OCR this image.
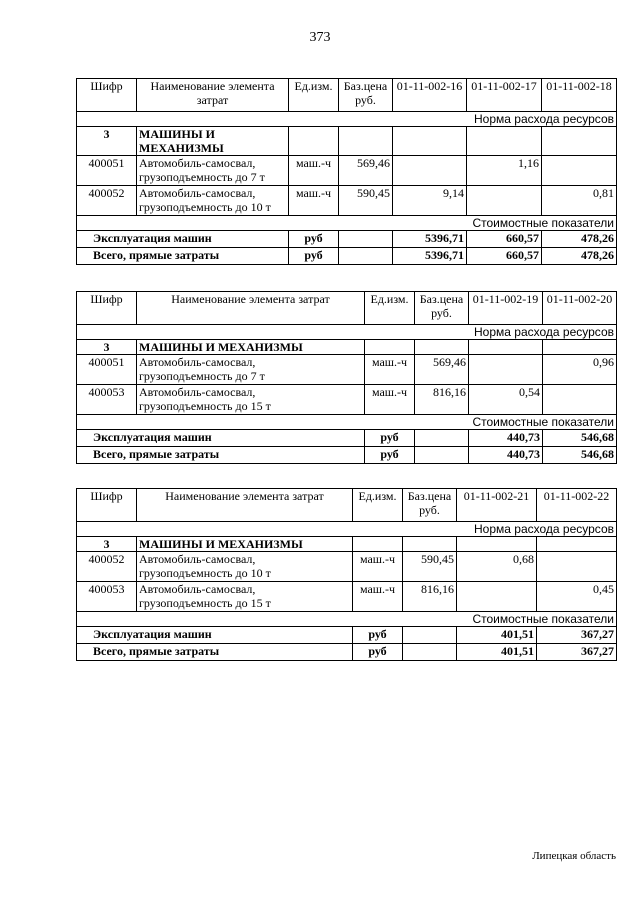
373
Шифр	Наименование элемента затрат	Ед.изм.	Баз.цена руб.	01-11-002-16	01-11-002-17	01-11-002-18
Норма расхода ресурсов						
3	МАШИНЫ И МЕХАНИЗМЫ					
400051	Автомобиль-самосвал,
грузоподъемность до 7 т	маш.-ч	569,46		1,16	
400052	Автомобиль-самосвал,
грузоподъемность до 10 т	маш.-ч	590,45	9,14		0,81
Стоимостные показатели						
Эксплуатация машин		руб		5396,71	660,57	478,26
Всего, прямые затраты		руб		5396,71	660,57	478,26
Шифр	Наименование элемента затрат	Ед.изм.	Баз.цена руб.	01-11-002-19	01-11-002-20
Норма расхода ресурсов					
3	МАШИНЫ И МЕХАНИЗМЫ				
400051	Автомобиль-самосвал,
грузоподъемность до 7 т	маш.-ч	569,46		0,96
400053	Автомобиль-самосвал,
грузоподъемность до 15 т	маш.-ч	816,16	0,54	
Стоимостные показатели					
Эксплуатация машин		руб		440,73	546,68
Всего, прямые затраты		руб		440,73	546,68
Шифр	Наименование элемента затрат	Ед.изм.	Баз.цена руб.	01-11-002-21	01-11-002-22
Норма расхода ресурсов					
3	МАШИНЫ И МЕХАНИЗМЫ				
400052	Автомобиль-самосвал,
грузоподъемность до 10 т	маш.-ч	590,45	0,68	
400053	Автомобиль-самосвал,
грузоподъемность до 15 т	маш.-ч	816,16		0,45
Стоимостные показатели					
Эксплуатация машин		руб		401,51	367,27
Всего, прямые затраты		руб		401,51	367,27
Липецкая область
